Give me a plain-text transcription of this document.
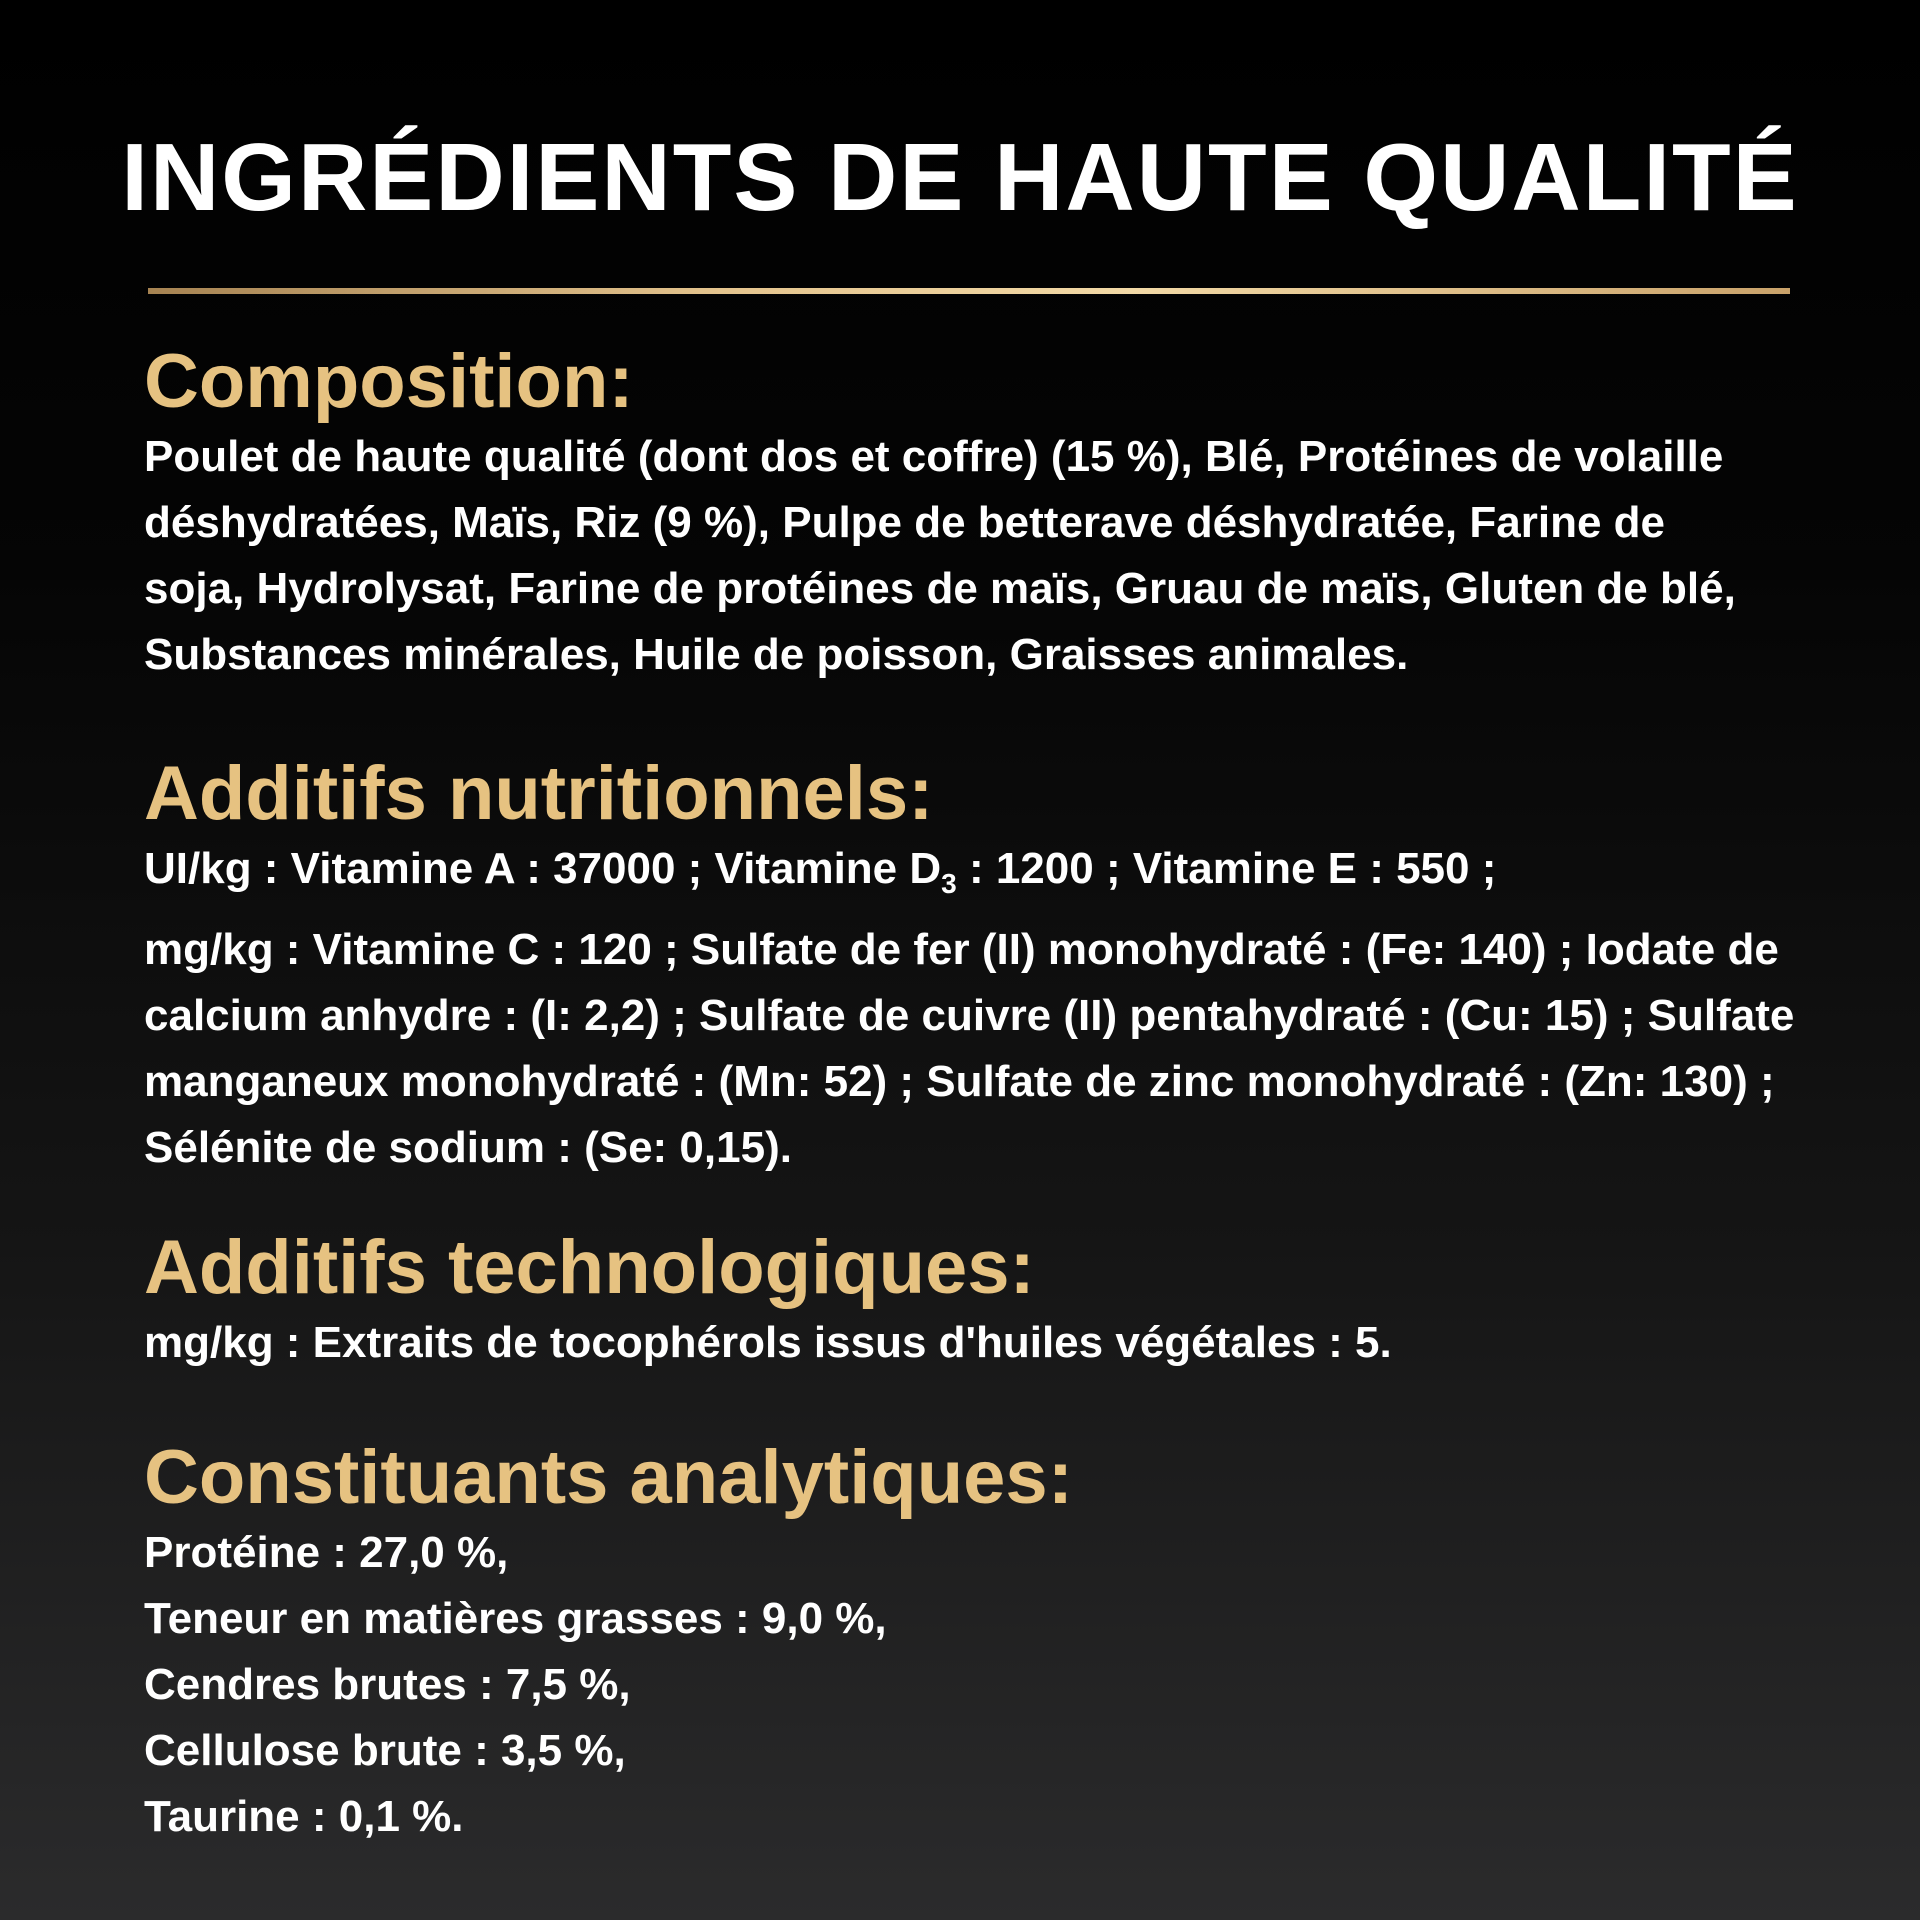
INGRÉDIENTS DE HAUTE QUALITÉ
Composition:

Poulet de haute qualité (dont dos et coffre) (15 %), Blé, Protéines de volaille
déshydratées, Maïs, Riz (9 %), Pulpe de betterave déshydratée, Farine de
soja, Hydrolysat, Farine de protéines de maïs, Gruau de maïs, Gluten de blé,
Substances minérales, Huile de poisson, Graisses animales.

Additifs nutritionnels:

UI/kg : Vitamine A : 37000 ; Vitamine $D_3$ : 1200 ; Vitamine E : 550 ;
mg/kg : Vitamine C : 120 ; Sulfate de fer (II) monohydraté : (Fe: 140) ; Iodate de
calcium anhydre : (I: 2,2) ; Sulfate de cuivre (II) pentahydraté : (Cu: 15) ; Sulfate
manganeux monohydraté : (Mn: 52) ; Sulfate de zinc monohydraté : (Zn: 130) ;
Sélénite de sodium : (Se: 0,15).

Additifs technologiques:

mg/kg : Extraits de tocophérols issus d'huiles végétales : 5.

Constituants analytiques:

Protéine : 27,0 %,
Teneur en matières grasses : 9,0 %,
Cendres brutes : 7,5 %,
Cellulose brute : 3,5 %,
Taurine : 0,1 %.
